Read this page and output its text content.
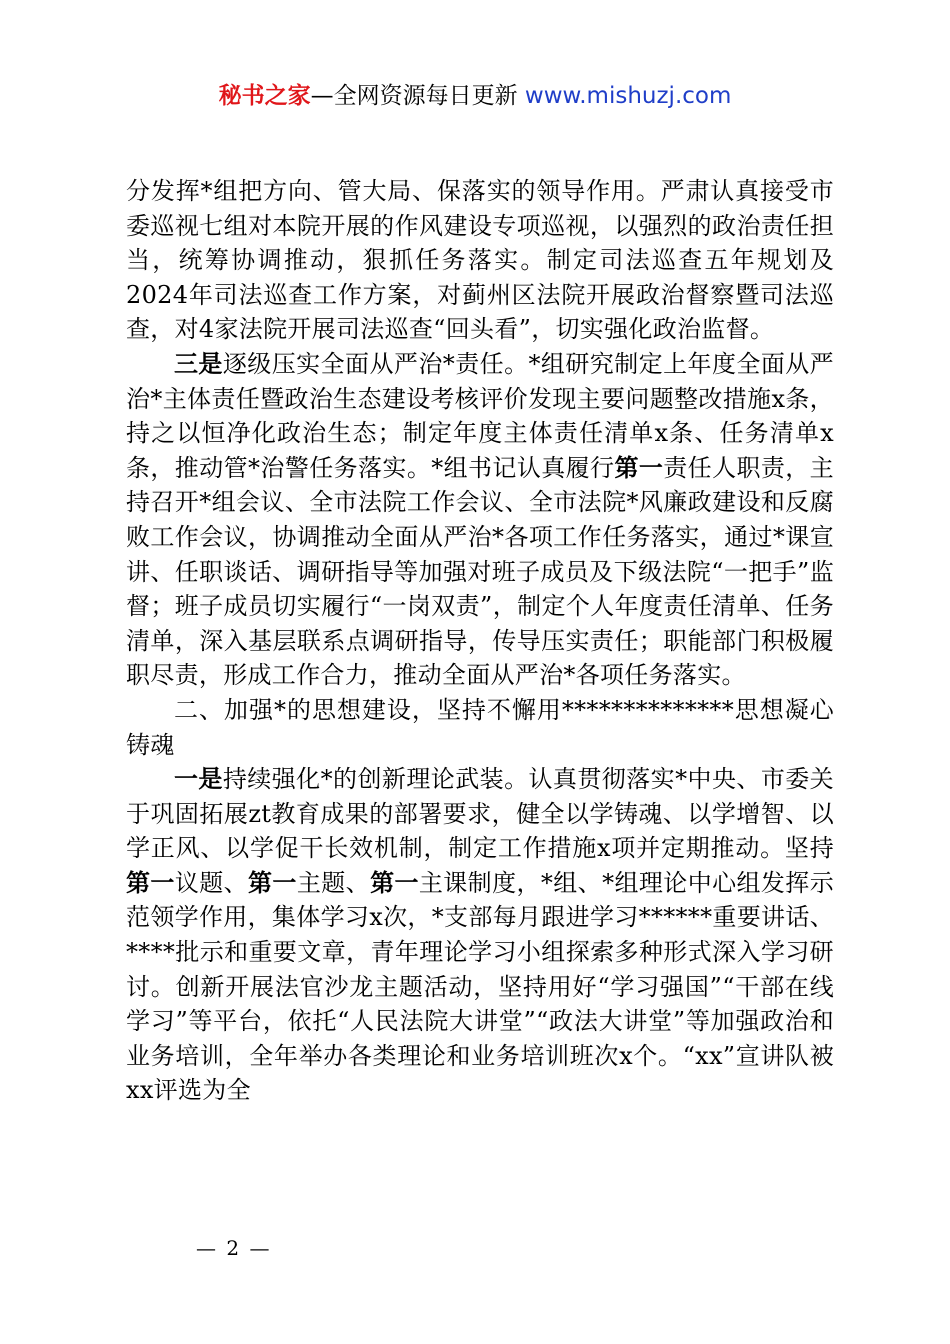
秘书之家—全网资源每日更新 www.mishuzj.com

分发挥*组把方向、管大局、保落实的领导作用。严肃认真接受市委巡视七组对本院开展的作风建设专项巡视，以强烈的政治责任担当，统筹协调推动，狠抓任务落实。制定司法巡查五年规划及2024年司法巡查工作方案，对蓟州区法院开展政治督察暨司法巡查，对4家法院开展司法巡查“回头看”，切实强化政治监督。

三是逐级压实全面从严治*责任。*组研究制定上年度全面从严治*主体责任暨政治生态建设考核评价发现主要问题整改措施x条，持之以恒净化政治生态；制定年度主体责任清单x条、任务清单x条，推动管*治警任务落实。*组书记认真履行第一责任人职责，主持召开*组会议、全市法院工作会议、全市法院*风廉政建设和反腐败工作会议，协调推动全面从严治*各项工作任务落实，通过*课宣讲、任职谈话、调研指导等加强对班子成员及下级法院“一把手”监督；班子成员切实履行“一岗双责”，制定个人年度责任清单、任务清单，深入基层联系点调研指导，传导压实责任；职能部门积极履职尽责，形成工作合力，推动全面从严治*各项任务落实。

二、加强*的思想建设，坚持不懈用**************思想凝心铸魂

一是持续强化*的创新理论武装。认真贯彻落实*中央、市委关于巩固拓展zt教育成果的部署要求，健全以学铸魂、以学增智、以学正风、以学促干长效机制，制定工作措施x项并定期推动。坚持第一议题、第一主题、第一主课制度，*组、*组理论中心组发挥示范领学作用，集体学习x次，*支部每月跟进学习******重要讲话、****批示和重要文章，青年理论学习小组探索多种形式深入学习研讨。创新开展法官沙龙主题活动，坚持用好“学习强国”“干部在线学习”等平台，依托“人民法院大讲堂”“政法大讲堂”等加强政治和业务培训，全年举办各类理论和业务培训班次x个。“xx”宣讲队被xx评选为全

— 2 —
